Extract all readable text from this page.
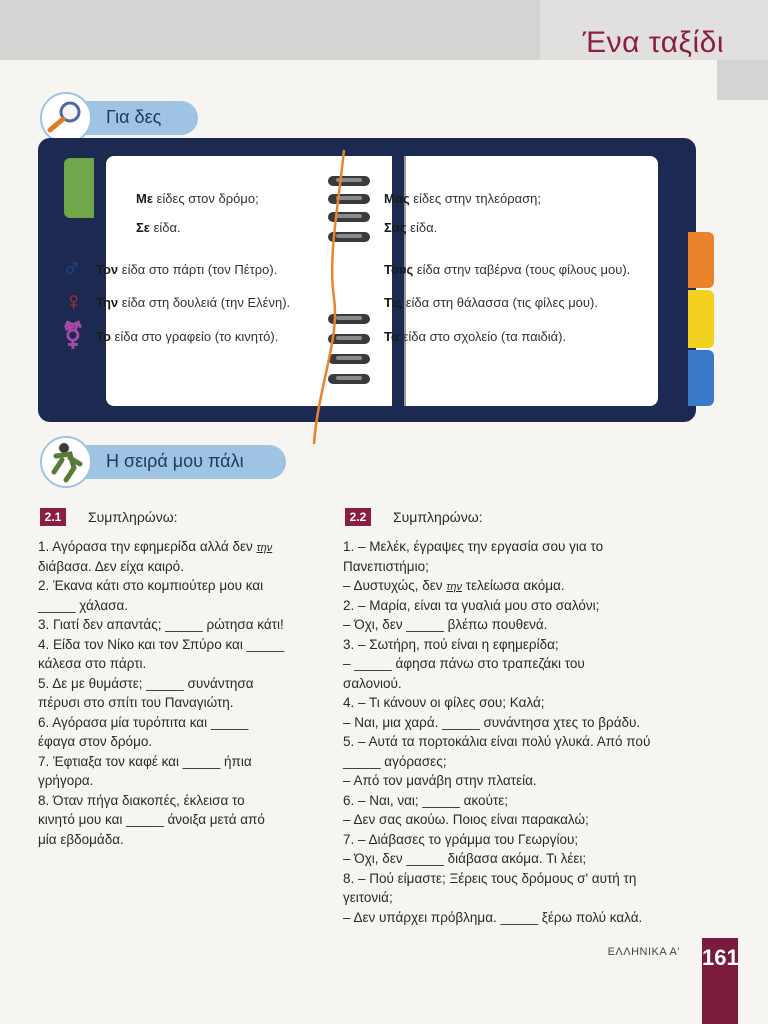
Ένα ταξίδι
Για δες
Με είδες στον δρόμο;
Σε είδα.
Τον είδα στο πάρτι (τον Πέτρο).
Την είδα στη δουλειά (την Ελένη).
Το είδα στο γραφείο (το κινητό).
♂
♀
⚧
Μας είδες στην τηλεόραση;
Σας είδα.
Τους είδα στην ταβέρνα (τους φίλους μου).
Τις είδα στη θάλασσα (τις φίλες μου).
Τα είδα στο σχολείο (τα παιδιά).
Η σειρά μου πάλι
2.1	Συμπληρώνω:
1. Αγόρασα την εφημερίδα αλλά δεν την
διάβασα. Δεν είχα καιρό.
2. Έκανα κάτι στο κομπιούτερ μου και
_____ χάλασα.
3. Γιατί δεν απαντάς; _____ ρώτησα κάτι!
4. Είδα τον Νίκο και τον Σπύρο και _____
κάλεσα στο πάρτι.
5. Δε με θυμάστε; _____ συνάντησα
πέρυσι στο σπίτι του Παναγιώτη.
6. Αγόρασα μία τυρόπιτα και _____
έφαγα στον δρόμο.
7. Έφτιαξα τον καφέ και _____ ήπια
γρήγορα.
8. Όταν πήγα διακοπές, έκλεισα το
κινητό μου και _____ άνοιξα μετά από
μία εβδομάδα.
2.2	Συμπληρώνω:
1. – Μελέκ, έγραψες την εργασία σου για το
Πανεπιστήμιο;
– Δυστυχώς, δεν την τελείωσα ακόμα.
2. – Μαρία, είναι τα γυαλιά μου στο σαλόνι;
– Όχι, δεν _____ βλέπω πουθενά.
3. – Σωτήρη, πού είναι η εφημερίδα;
– _____ άφησα πάνω στο τραπεζάκι του
σαλονιού.
4. – Τι κάνουν οι φίλες σου; Καλά;
– Ναι, μια χαρά. _____ συνάντησα χτες το βράδυ.
5. – Αυτά τα πορτοκάλια είναι πολύ γλυκά. Από πού
_____ αγόρασες;
– Από τον μανάβη στην πλατεία.
6. – Ναι, ναι; _____ ακούτε;
– Δεν σας ακούω. Ποιος είναι παρακαλώ;
7. – Διάβασες το γράμμα του Γεωργίου;
– Όχι, δεν _____ διάβασα ακόμα. Τι λέει;
8. – Πού είμαστε; Ξέρεις τους δρόμους σ' αυτή τη
γειτονιά;
– Δεν υπάρχει πρόβλημα. _____ ξέρω πολύ καλά.
ΕΛΛΗΝΙΚΑ Α' 161
